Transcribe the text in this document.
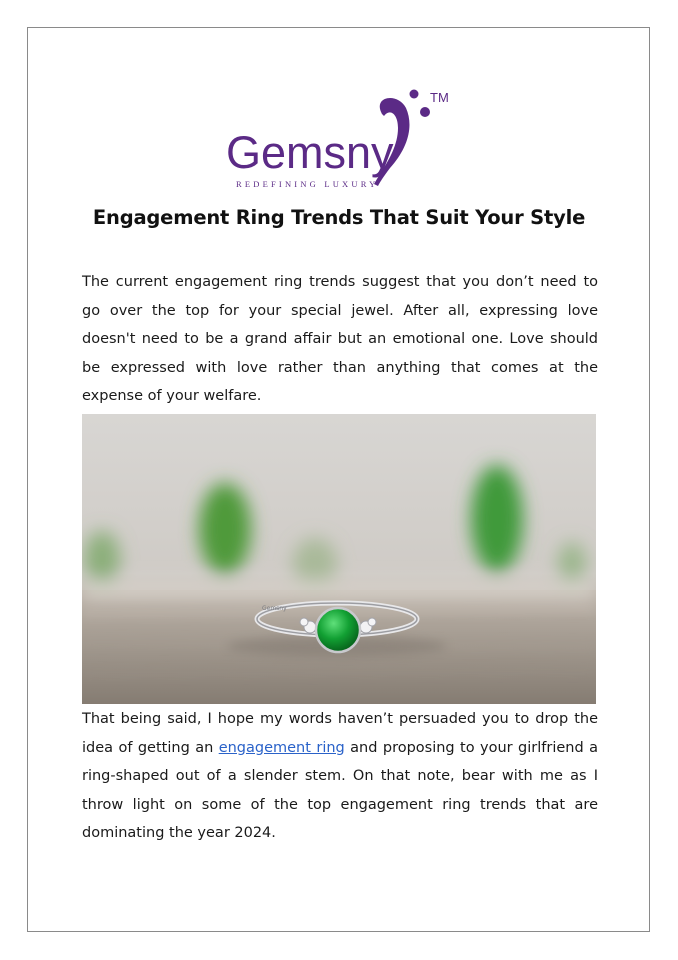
Gemsny
REDEFINING LUXURY
TM
Engagement Ring Trends That Suit Your Style

The current engagement ring trends suggest that you don’t need to go over the top for your special jewel. After all, expressing love doesn't need to be a grand affair but an emotional one. Love should be expressed with love rather than anything that comes at the expense of your welfare.

Gemsny

That being said, I hope my words haven’t persuaded you to drop the idea of getting an engagement ring and proposing to your girlfriend a ring-shaped out of a slender stem. On that note, bear with me as I throw light on some of the top engagement ring trends that are dominating the year 2024.
